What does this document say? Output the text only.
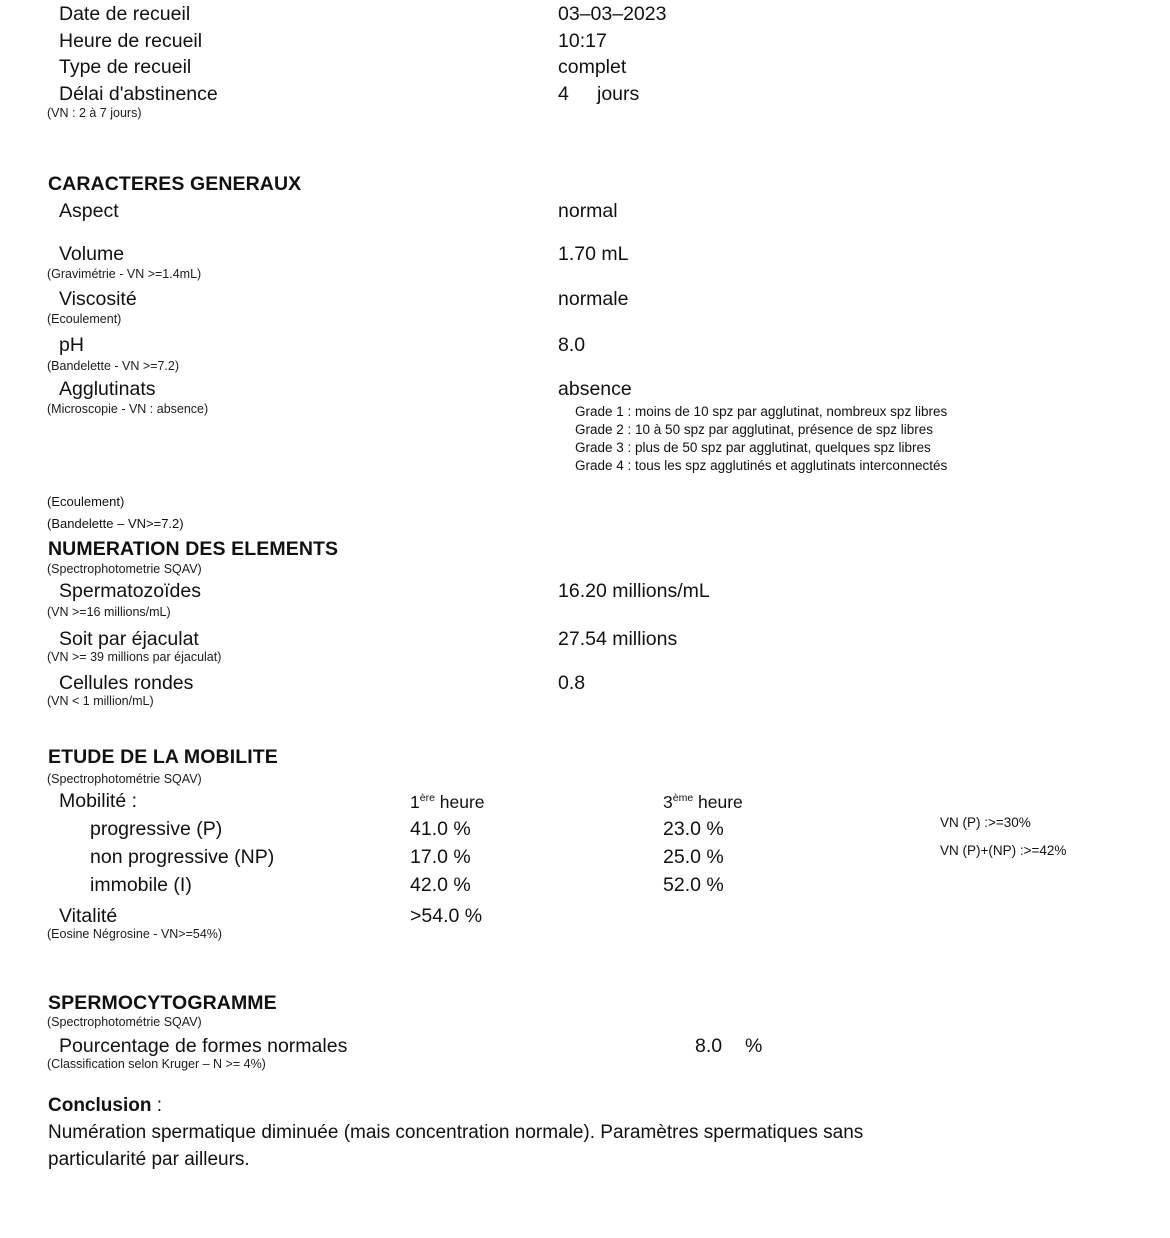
Date de recueil	03–03–2023
Heure de recueil	10:17
Type de recueil	complet
Délai d'abstinence	4 jours
(VN : 2 à 7 jours)
CARACTERES GENERAUX
Aspect	normal
Volume	1.70 mL
(Gravimétrie - VN >=1.4mL)
Viscosité	normale
(Ecoulement)
pH	8.0
(Bandelette - VN >=7.2)
Agglutinats	absence
(Microscopie - VN : absence)	Grade 1 : moins de 10 spz par agglutinat, nombreux spz libres
Grade 2 : 10 à 50 spz par agglutinat, présence de spz libres
Grade 3 : plus de 50 spz par agglutinat, quelques spz libres
Grade 4 : tous les spz agglutinés et agglutinats interconnectés
(Ecoulement)
(Bandelette – VN>=7.2)
NUMERATION DES ELEMENTS
(Spectrophotometrie SQAV)
Spermatozoïdes	16.20 millions/mL
(VN >=16 millions/mL)
Soit par éjaculat	27.54 millions
(VN >= 39 millions par éjaculat)
Cellules rondes	0.8
(VN < 1 million/mL)
ETUDE DE LA MOBILITE
(Spectrophotométrie SQAV)
Mobilité :	1ère heure	3ème heure
progressive (P)	41.0 %	23.0 %	VN (P) :>=30%
non progressive (NP)	17.0 %	25.0 %	VN (P)+(NP) :>=42%
immobile (I)	42.0 %	52.0 %
Vitalité	>54.0 %
(Eosine Négrosine - VN>=54%)
SPERMOCYTOGRAMME
(Spectrophotométrie SQAV)
Pourcentage de formes normales	8.0 %
(Classification selon Kruger – N >= 4%)
Conclusion :
Numération spermatique diminuée (mais concentration normale). Paramètres spermatiques sans
particularité par ailleurs.
